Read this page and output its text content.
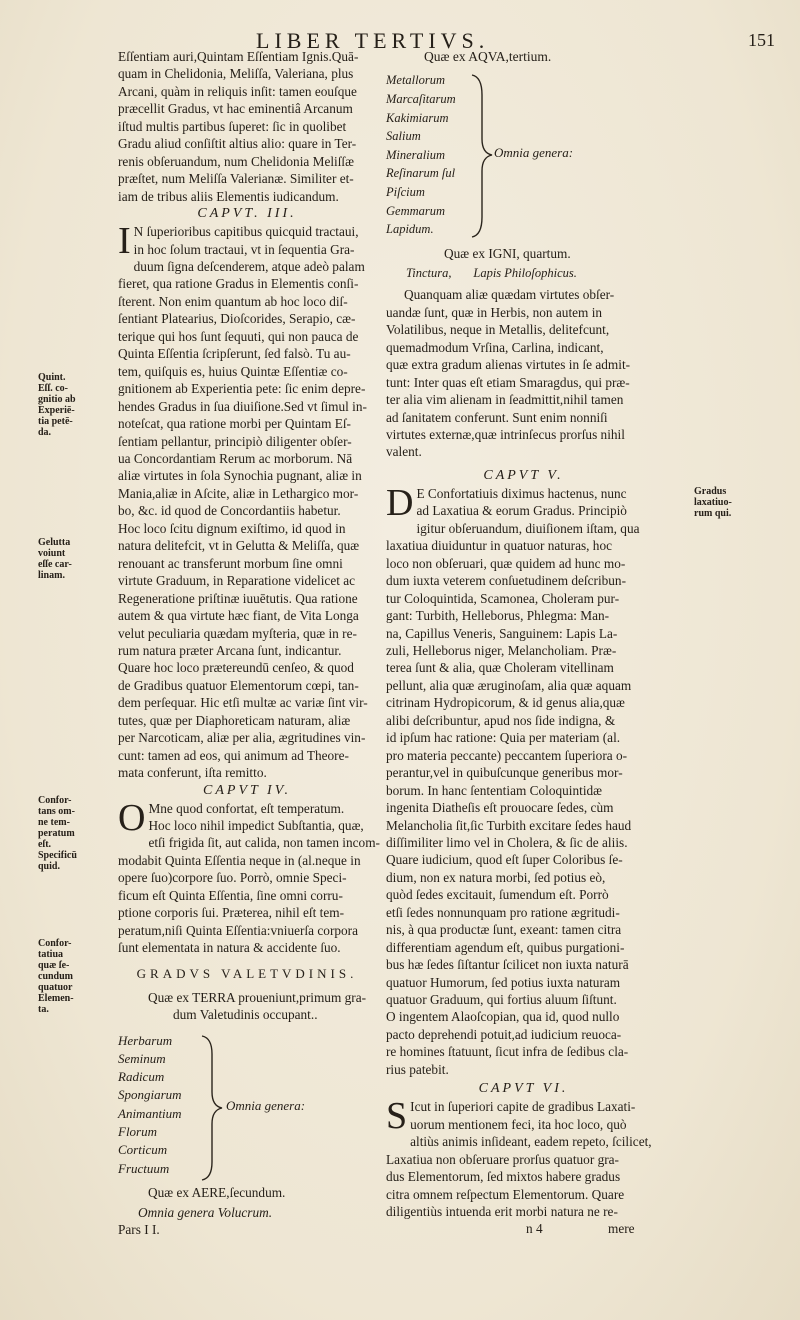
LIBER TERTIVS.	151
Quint.
Eſſ. co-
gnitio ab
Experiē-
tia petē-
da.
Gelutta
voiunt
eſſe car-
linam.
Confor-
tans om-
ne tem-
peratum
eſt.
Specificū
quid.
Confor-
tatiua
quæ ſe-
cundum
quatuor
Elemen-
ta.
Gradus
laxatiuo-
rum qui.

Eſſentiam auri,Quintam Eſſentiam Ignis.Quā-

quam in Chelidonia, Meliſſa, Valeriana, plus

Arcani, quàm in reliquis inſit: tamen eouſque

præcellit Gradus, vt hac eminentiâ Arcanum

iſtud multis partibus ſuperet: ſic in quolibet

Gradu aliud conſiſtit altius alio: quare in Ter-

renis obſeruandum, num Chelidonia Meliſſæ

præſtet, num Meliſſa Valerianæ. Similiter et-

iam de tribus aliis Elementis iudicandum.

CAPVT. III.

I N ſuperioribus capitibus quicquid tractaui,

in hoc ſolum tractaui, vt in ſequentia Gra-

duum ſigna deſcenderem, atque adeò palam

fieret, qua ratione Gradus in Elementis conſi-

ſterent. Non enim quantum ab hoc loco diſ-

ſentiant Platearius, Dioſcorides, Serapio, cæ-

terique qui hos ſunt ſequuti, qui non pauca de

Quinta Eſſentia ſcripſerunt, ſed falsò. Tu au-

tem, quiſquis es, huius Quintæ Eſſentiæ co-

gnitionem ab Experientia pete: ſic enim depre-

hendes Gradus in ſua diuiſione.Sed vt ſimul in-

noteſcat, qua ratione morbi per Quintam Eſ-

ſentiam pellantur, principiò diligenter obſer-

ua Concordantiam Rerum ac morborum. Nā

aliæ virtutes in ſola Synochia pugnant, aliæ in

Mania,aliæ in Aſcite, aliæ in Lethargico mor-

bo, &c. id quod de Concordantiis habetur.

Hoc loco ſcitu dignum exiſtimo, id quod in

natura delitefcit, vt in Gelutta & Meliſſa, quæ

renouant ac transferunt morbum ſine omni

virtute Graduum, in Reparatione videlicet ac

Regeneratione priſtinæ iuuētutis. Qua ratione

autem & qua virtute hæc fiant, de Vita Longa

velut peculiaria quædam myſteria, quæ in re-

rum natura præter Arcana ſunt, indicantur.

Quare hoc loco prætereundū cenſeo, & quod

de Gradibus quatuor Elementorum cœpi, tan-

dem perſequar. Hic etſi multæ ac variæ ſint vir-

tutes, quæ per Diaphoreticam naturam, aliæ

per Narcoticam, aliæ per alia, ægritudines vin-

cunt: tamen ad eos, qui animum ad Theore-

mata conferunt, iſta remitto.

CAPVT IV.

O Mne quod confortat, eſt temperatum.

Hoc loco nihil impedict Subſtantia, quæ,

etſi frigida ſit, aut calida, non tamen incom-

modabit Quinta Eſſentia neque in (al.neque in

opere ſuo)corpore ſuo. Porrò, omnie Speci-

ficum eſt Quinta Eſſentia, ſine omni corru-

ptione corporis ſui. Præterea, nihil eſt tem-

peratum,niſi Quinta Eſſentia:vniuerſa corpora

ſunt elementata in natura & accidente ſuo.

GRADVS VALETVDINIS.

Quæ ex TERRA proueniunt,primum gra-

dum Valetudinis occupant..

Herbarum
Seminum
Radicum
Spongiarum
Animantium
Florum
Corticum
Fructuum
Omnia genera:

Quæ ex AERE,ſecundum.

Omnia genera Volucrum.

Pars I I.

Quæ ex AQVA,tertium.

Metallorum
Marcaſitarum
Kakimiarum
Salium
Mineralium
Reſinarum ſul
Piſcium
Gemmarum
Lapidum.
Omnia genera:

Quæ ex IGNI, quartum.

Tinctura, Lapis Philoſophicus.

Quanquam aliæ quædam virtutes obſer-

uandæ ſunt, quæ in Herbis, non autem in

Volatilibus, neque in Metallis, delitefcunt,

quemadmodum Vrſina, Carlina, indicant,

quæ extra gradum alienas virtutes in ſe admit-

tunt: Inter quas eſt etiam Smaragdus, qui præ-

ter alia vim alienam in ſeadmittit,nihil tamen

ad ſanitatem conferunt. Sunt enim nonniſi

virtutes externæ,quæ intrinſecus prorſus nihil

valent.

CAPVT V.

D E Confortatiuis diximus hactenus, nunc

ad Laxatiua & eorum Gradus. Principiò

igitur obſeruandum, diuiſionem iſtam, qua

laxatiua diuiduntur in quatuor naturas, hoc

loco non obſeruari, quæ quidem ad hunc mo-

dum iuxta veterem conſuetudinem deſcribun-

tur Coloquintida, Scamonea, Choleram pur-

gant: Turbith, Helleborus, Phlegma: Man-

na, Capillus Veneris, Sanguinem: Lapis La-

zuli, Helleborus niger, Melancholiam. Præ-

terea ſunt & alia, quæ Choleram vitellinam

pellunt, alia quæ æruginoſam, alia quæ aquam

citrinam Hydropicorum, & id genus alia,quæ

alibi deſcribuntur, apud nos ſide indigna, &

id ipſum hac ratione: Quia per materiam (al.

pro materia peccante) peccantem ſuperiora o-

perantur,vel in quibuſcunque generibus mor-

borum. In hanc ſententiam Coloquintidæ

ingenita Diatheſis eſt prouocare ſedes, cùm

Melancholia ſit,ſic Turbith excitare ſedes haud

diſſimiliter limo vel in Cholera, & ſic de aliis.

Quare iudicium, quod eſt ſuper Coloribus ſe-

dium, non ex natura morbi, ſed potius eò,

quòd ſedes excitauit, ſumendum eſt. Porrò

etſi ſedes nonnunquam pro ratione ægritudi-

nis, à qua productæ ſunt, exeant: tamen citra

differentiam agendum eſt, quibus purgationi-

bus hæ ſedes ſiſtantur ſcilicet non iuxta naturā

quatuor Humorum, ſed potius iuxta naturam

quatuor Graduum, qui fortius aluum ſiſtunt.

O ingentem Alaoſcopian, qua id, quod nullo

pacto deprehendi potuit,ad iudicium reuoca-

re homines ſtatuunt, ſicut infra de ſedibus cla-

rius patebit.

CAPVT VI.

S Icut in ſuperiori capite de gradibus Laxati-

uorum mentionem feci, ita hoc loco, quò

altiùs animis inſideant, eadem repeto, ſcilicet,

Laxatiua non obſeruare prorſus quatuor gra-

dus Elementorum, ſed mixtos habere gradus

citra omnem reſpectum Elementorum. Quare

diligentiùs intuenda erit morbi natura ne re-

n 4	mere
